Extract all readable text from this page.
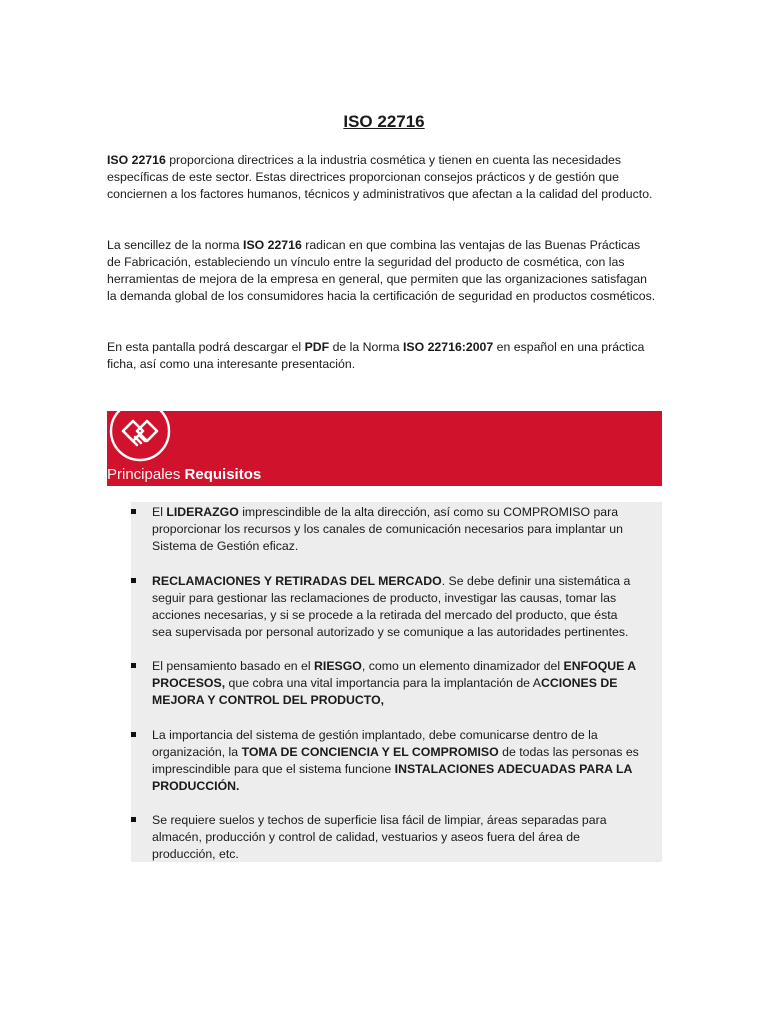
ISO 22716

ISO 22716 proporciona directrices a la industria cosmética y tienen en cuenta las necesidades específicas de este sector. Estas directrices proporcionan consejos prácticos y de gestión que conciernen a los factores humanos, técnicos y administrativos que afectan a la calidad del producto.

La sencillez de la norma ISO 22716 radican en que combina las ventajas de las Buenas Prácticas de Fabricación, estableciendo un vínculo entre la seguridad del producto de cosmética, con las herramientas de mejora de la empresa en general, que permiten que las organizaciones satisfagan la demanda global de los consumidores hacia la certificación de seguridad en productos cosméticos.

En esta pantalla podrá descargar el PDF de la Norma ISO 22716:2007 en español en una práctica ficha, así como una interesante presentación.

Principales Requisitos
El LIDERAZGO imprescindible de la alta dirección, así como su COMPROMISO para proporcionar los recursos y los canales de comunicación necesarios para implantar un Sistema de Gestión eficaz.
RECLAMACIONES Y RETIRADAS DEL MERCADO. Se debe definir una sistemática a seguir para gestionar las reclamaciones de producto, investigar las causas, tomar las acciones necesarias, y si se procede a la retirada del mercado del producto, que ésta sea supervisada por personal autorizado y se comunique a las autoridades pertinentes.
El pensamiento basado en el RIESGO, como un elemento dinamizador del ENFOQUE A PROCESOS, que cobra una vital importancia para la implantación de ACCIONES DE MEJORA Y CONTROL DEL PRODUCTO,
La importancia del sistema de gestión implantado, debe comunicarse dentro de la organización, la TOMA DE CONCIENCIA Y EL COMPROMISO de todas las personas es imprescindible para que el sistema funcione INSTALACIONES ADECUADAS PARA LA PRODUCCIÓN.
Se requiere suelos y techos de superficie lisa fácil de limpiar, áreas separadas para almacén, producción y control de calidad, vestuarios y aseos fuera del área de producción, etc.
